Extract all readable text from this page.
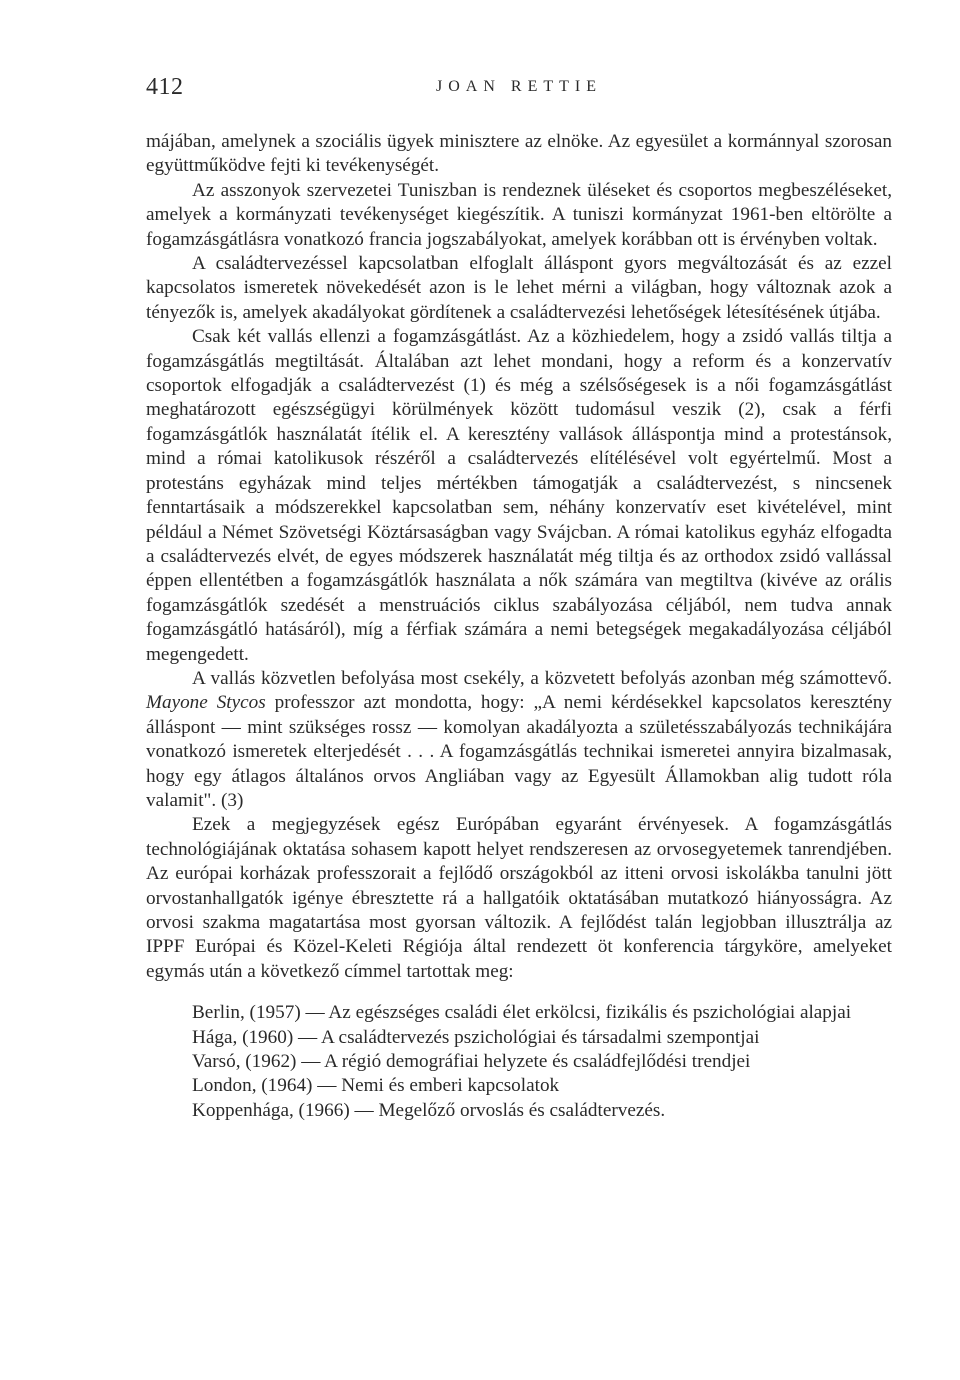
412	JOAN RETTIE

májában, amelynek a szociális ügyek minisztere az elnöke. Az egyesület a kormánnyal szorosan együttműködve fejti ki tevékenységét.

Az asszonyok szervezetei Tuniszban is rendeznek üléseket és csoportos megbeszéléseket, amelyek a kormányzati tevékenységet kiegészítik. A tuniszi kormányzat 1961-ben eltörölte a fogamzásgátlásra vonatkozó francia jogszabályokat, amelyek korábban ott is érvényben voltak.

A családtervezéssel kapcsolatban elfoglalt álláspont gyors megváltozását és az ezzel kapcsolatos ismeretek növekedését azon is le lehet mérni a világban, hogy változnak azok a tényezők is, amelyek akadályokat gördítenek a családtervezési lehetőségek létesítésének útjába.

Csak két vallás ellenzi a fogamzásgátlást. Az a közhiedelem, hogy a zsidó vallás tiltja a fogamzásgátlás megtiltását. Általában azt lehet mondani, hogy a reform és a konzervatív csoportok elfogadják a családtervezést (1) és még a szélsőségesek is a női fogamzásgátlást meghatározott egészségügyi körülmények között tudomásul veszik (2), csak a férfi fogamzásgátlók használatát ítélik el. A keresztény vallások álláspontja mind a protestánsok, mind a római katolikusok részéről a családtervezés elítélésével volt egyértelmű. Most a protestáns egyházak mind teljes mértékben támogatják a családtervezést, s nincsenek fenntartásaik a módszerekkel kapcsolatban sem, néhány konzervatív eset kivételével, mint például a Német Szövetségi Köztársaságban vagy Svájcban. A római katolikus egyház elfogadta a családtervezés elvét, de egyes módszerek használatát még tiltja és az orthodox zsidó vallással éppen ellentétben a fogamzásgátlók használata a nők számára van megtiltva (kivéve az orális fogamzásgátlók szedését a menstruációs ciklus szabályozása céljából, nem tudva annak fogamzásgátló hatásáról), míg a férfiak számára a nemi betegségek megakadályozása céljából megengedett.

A vallás közvetlen befolyása most csekély, a közvetett befolyás azonban még számottevő. Mayone Stycos professzor azt mondotta, hogy: „A nemi kérdésekkel kapcsolatos keresztény álláspont — mint szükséges rossz — komolyan akadályozta a születésszabályozás technikájára vonatkozó ismeretek elterjedését . . . A fogamzásgátlás technikai ismeretei annyira bizalmasak, hogy egy átlagos általános orvos Angliában vagy az Egyesült Államokban alig tudott róla valamit". (3)

Ezek a megjegyzések egész Európában egyaránt érvényesek. A fogamzásgátlás technológiájának oktatása sohasem kapott helyet rendszeresen az orvosegyetemek tanrendjében. Az európai korházak professzorait a fejlődő országokból az itteni orvosi iskolákba tanulni jött orvostanhallgatók igénye ébresztette rá a hallgatóik oktatásában mutatkozó hiányosságra. Az orvosi szakma magatartása most gyorsan változik. A fejlődést talán legjobban illusztrálja az IPPF Európai és Közel-Keleti Régiója által rendezett öt konferencia tárgyköre, amelyeket egymás után a következő címmel tartottak meg:

Berlin, (1957) — Az egészséges családi élet erkölcsi, fizikális és pszichológiai alapjai

Hága, (1960) — A családtervezés pszichológiai és társadalmi szempontjai

Varsó, (1962) — A régió demográfiai helyzete és családfejlődési trendjei

London, (1964) — Nemi és emberi kapcsolatok

Koppenhága, (1966) — Megelőző orvoslás és családtervezés.
